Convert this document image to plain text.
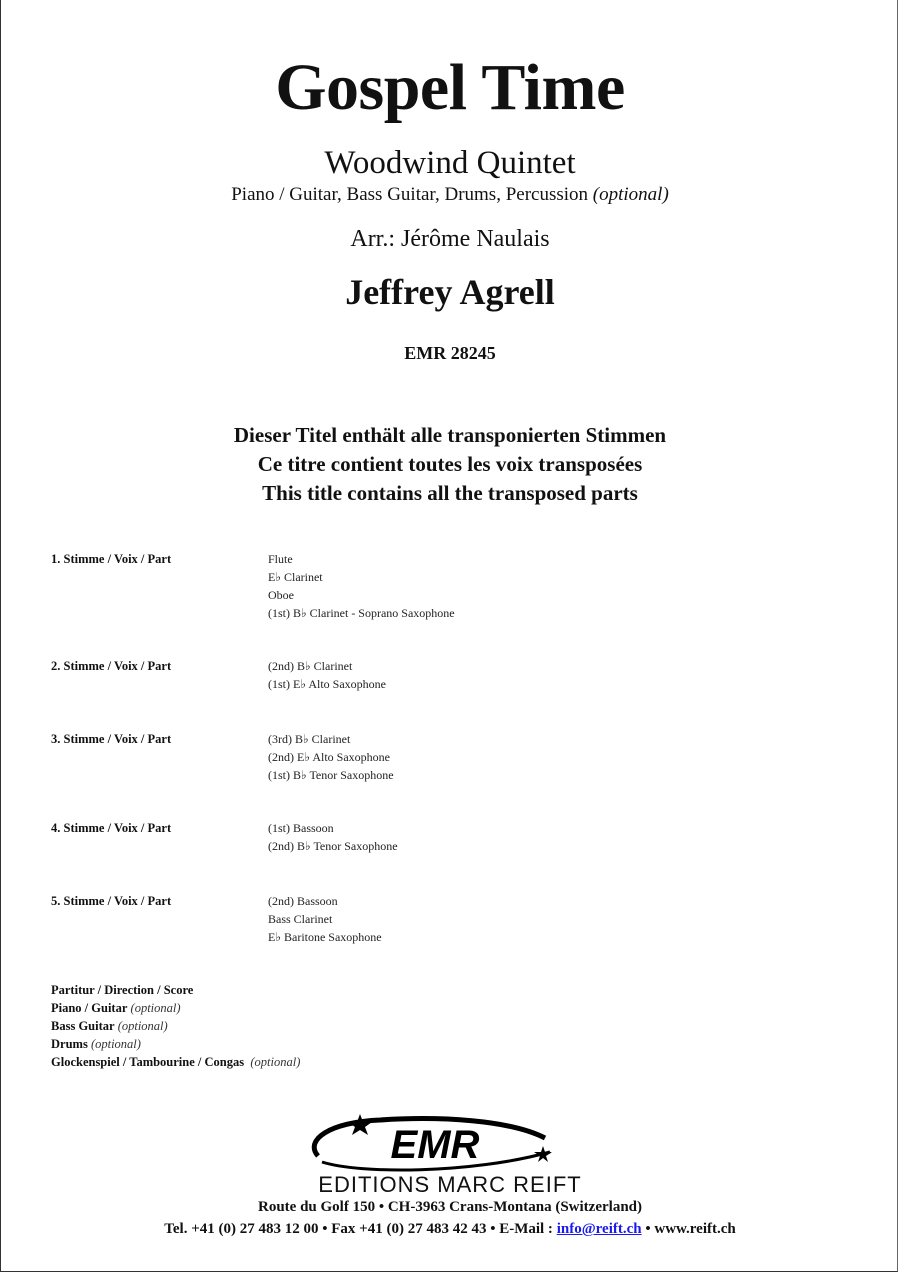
Gospel Time
Woodwind Quintet
Piano / Guitar, Bass Guitar, Drums, Percussion (optional)
Arr.: Jérôme Naulais
Jeffrey Agrell
EMR 28245
Dieser Titel enthält alle transponierten Stimmen
Ce titre contient toutes les voix transposées
This title contains all the transposed parts
1. Stimme / Voix / Part	Flute
E♭ Clarinet
Oboe
(1st) B♭ Clarinet - Soprano Saxophone
2. Stimme / Voix / Part	(2nd) B♭ Clarinet
(1st) E♭ Alto Saxophone
3. Stimme / Voix / Part	(3rd) B♭ Clarinet
(2nd) E♭ Alto Saxophone
(1st) B♭ Tenor Saxophone
4. Stimme / Voix / Part	(1st) Bassoon
(2nd) B♭ Tenor Saxophone
5. Stimme / Voix / Part	(2nd) Bassoon
Bass Clarinet
E♭ Baritone Saxophone
Partitur / Direction / Score
Piano / Guitar (optional)
Bass Guitar (optional)
Drums (optional)
Glockenspiel / Tambourine / Congas (optional)
EMR
EDITIONS MARC REIFT
Route du Golf 150 • CH-3963 Crans-Montana (Switzerland)
Tel. +41 (0) 27 483 12 00 • Fax +41 (0) 27 483 42 43 • E-Mail : info@reift.ch • www.reift.ch
